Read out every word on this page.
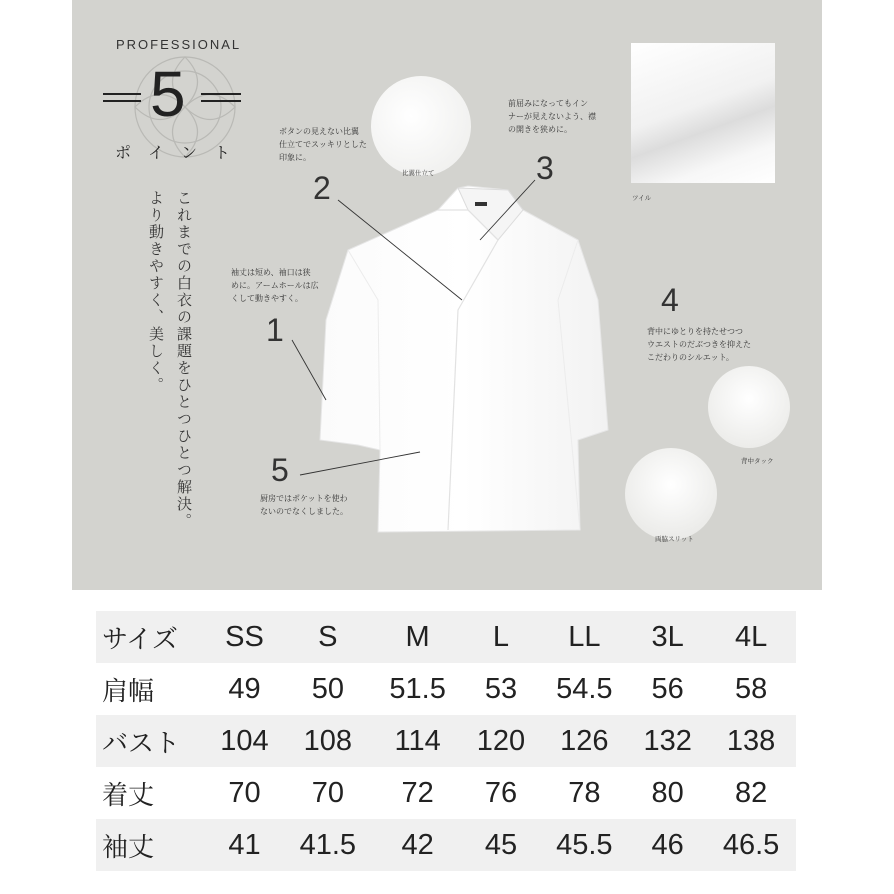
PROFESSIONAL
5
ポイント
これまでの白衣の課題をひとつひとつ解決。
より動きやすく、美しく。
比翼仕立て
背中タック
両脇スリット
ツイル
1
2
3
4
5
袖丈は短め、袖口は狭
めに。アームホールは広
くして動きやすく。
ボタンの見えない比翼
仕立てでスッキリとした
印象に。
前屈みになってもイン
ナーが見えないよう、襟
の開きを狭めに。
背中にゆとりを持たせつつ
ウエストのだぶつきを抑えた
こだわりのシルエット。
厨房ではポケットを使わ
ないのでなくしました。
サイズ	SS	S	M	L	LL	3L	4L
肩幅	49	50	51.5	53	54.5	56	58
バスト	104	108	114	120	126	132	138
着丈	70	70	72	76	78	80	82
袖丈	41	41.5	42	45	45.5	46	46.5
